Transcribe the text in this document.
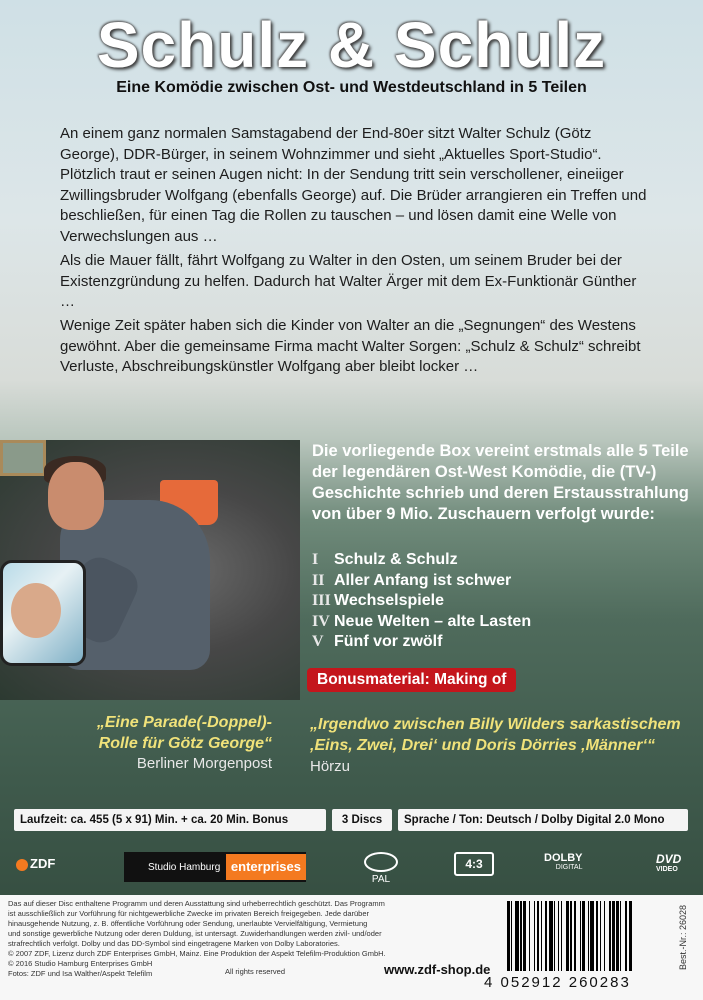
Schulz & Schulz
Eine Komödie zwischen Ost- und Westdeutschland in 5 Teilen
An einem ganz normalen Samstagabend der End-80er sitzt Walter Schulz (Götz George), DDR-Bürger, in seinem Wohnzimmer und sieht „Aktuelles Sport-Studio“. Plötzlich traut er seinen Augen nicht: In der Sendung tritt sein verschollener, eineiiger Zwillingsbruder Wolfgang (ebenfalls George) auf. Die Brüder arrangieren ein Treffen und beschließen, für einen Tag die Rollen zu tauschen – und lösen damit eine Welle von Verwechslungen aus …
Als die Mauer fällt, fährt Wolfgang zu Walter in den Osten, um seinem Bruder bei der Existenzgründung zu helfen. Dadurch hat Walter Ärger mit dem Ex-Funktionär Günther …
Wenige Zeit später haben sich die Kinder von Walter an die „Segnungen“ des Westens gewöhnt. Aber die gemeinsame Firma macht Walter Sorgen: „Schulz & Schulz“ schreibt Verluste, Abschreibungskünstler Wolfgang aber bleibt locker …
Die vorliegende Box vereint erstmals alle 5 Teile der legendären Ost-West Komödie, die (TV-) Geschichte schrieb und deren Erstausstrahlung von über 9 Mio. Zuschauern verfolgt wurde:
I Schulz & Schulz
II Aller Anfang ist schwer
III Wechselspiele
IV Neue Welten – alte Lasten
V Fünf vor zwölf
Bonusmaterial: Making of
„Eine Parade(-Doppel)-Rolle für Götz George“
Berliner Morgenpost
„Irgendwo zwischen Billy Wilders sarkastischem ‚Eins, Zwei, Drei‘ und Doris Dörries ‚Männer‘“ Hörzu
Laufzeit: ca. 455 (5 x 91) Min. + ca. 20 Min. Bonus	3 Discs	Sprache / Ton: Deutsch / Dolby Digital 2.0 Mono
ZDF	Studio Hamburg enterprises
PAL
4:3	DOLBY
DIGITAL
DVD
VIDEO
Das auf dieser Disc enthaltene Programm und deren Ausstattung sind urheberrechtlich geschützt. Das Programm
ist ausschließlich zur Vorführung für nichtgewerbliche Zwecke im privaten Bereich freigegeben. Jede darüber
hinausgehende Nutzung, z. B. öffentliche Vorführung oder Sendung, unerlaubte Vervielfältigung, Vermietung
und sonstige gewerbliche Nutzung oder deren Duldung, ist untersagt. Zuwiderhandlungen werden zivil- und/oder
strafrechtlich verfolgt. Dolby und das DD-Symbol sind eingetragene Marken von Dolby Laboratories.
© 2007 ZDF, Lizenz durch ZDF Enterprises GmbH, Mainz. Eine Produktion der Aspekt Telefilm-Produktion GmbH.
© 2016 Studio Hamburg Enterprises GmbH
Fotos: ZDF und Isa Walther/Aspekt Telefilm	All rights reserved	www.zdf-shop.de
4 052912 260283
Best.-Nr.: 26028
